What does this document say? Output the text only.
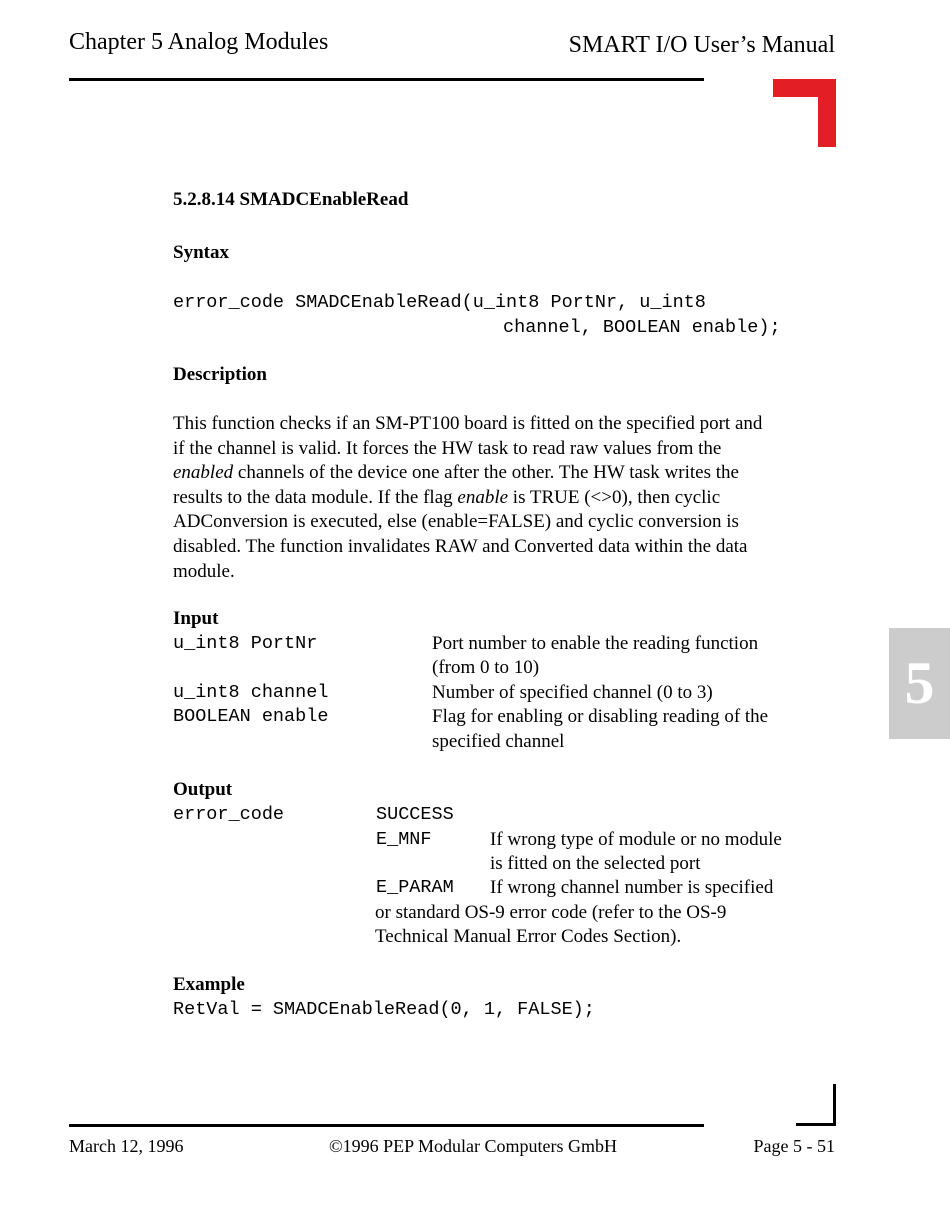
Chapter 5 Analog Modules	SMART I/O User’s Manual
5
5.2.8.14 SMADCEnableRead
Syntax
error_code SMADCEnableRead(u_int8 PortNr, u_int8
channel, BOOLEAN enable);
Description
This function checks if an SM-PT100 board is fitted on the specified port and
if the channel is valid. It forces the HW task to read raw values from the
enabled channels of the device one after the other. The HW task writes the
results to the data module. If the flag enable is TRUE (<>0), then cyclic
ADConversion is executed, else (enable=FALSE) and cyclic conversion is
disabled. The function invalidates RAW and Converted data within the data
module.
Input
u_int8 PortNr	Port number to enable the reading function
(from 0 to 10)
u_int8 channel	Number of specified channel (0 to 3)
BOOLEAN enable	Flag for enabling or disabling reading of the
specified channel
Output
error_code	SUCCESS
E_MNF	If wrong type of module or no module
is fitted on the selected port
E_PARAM If wrong channel number is specified
or standard OS-9 error code (refer to the OS-9
Technical Manual Error Codes Section).
Example
RetVal = SMADCEnableRead(0, 1, FALSE);
March 12, 1996	©1996 PEP Modular Computers GmbH	Page 5 - 51
